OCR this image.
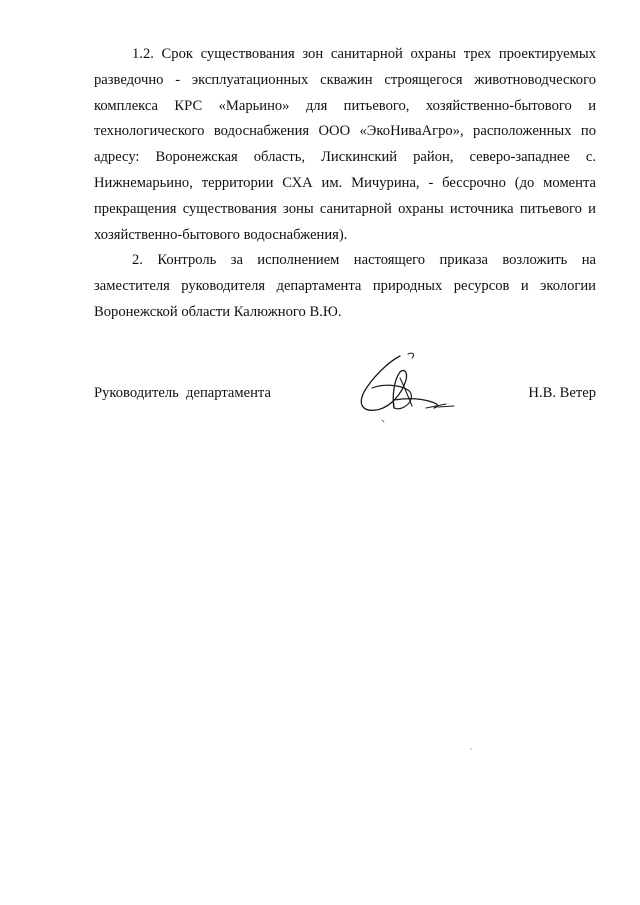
1.2. Срок существования зон санитарной охраны трех проектируемых разведочно - эксплуатационных скважин строящегося животноводческого комплекса КРС «Марьино» для питьевого, хозяйственно-бытового и технологического водоснабжения ООО «ЭкоНиваАгро», расположенных по адресу: Воронежская область, Лискинский район, северо-западнее с. Нижнемарьино, территории СХА им. Мичурина, - бессрочно (до момента прекращения существования зоны санитарной охраны источника питьевого и хозяйственно-бытового водоснабжения).

2. Контроль за исполнением настоящего приказа возложить на заместителя руководителя департамента природных ресурсов и экологии Воронежской области Калюжного В.Ю.

Руководитель  департамента	Н.В. Ветер
